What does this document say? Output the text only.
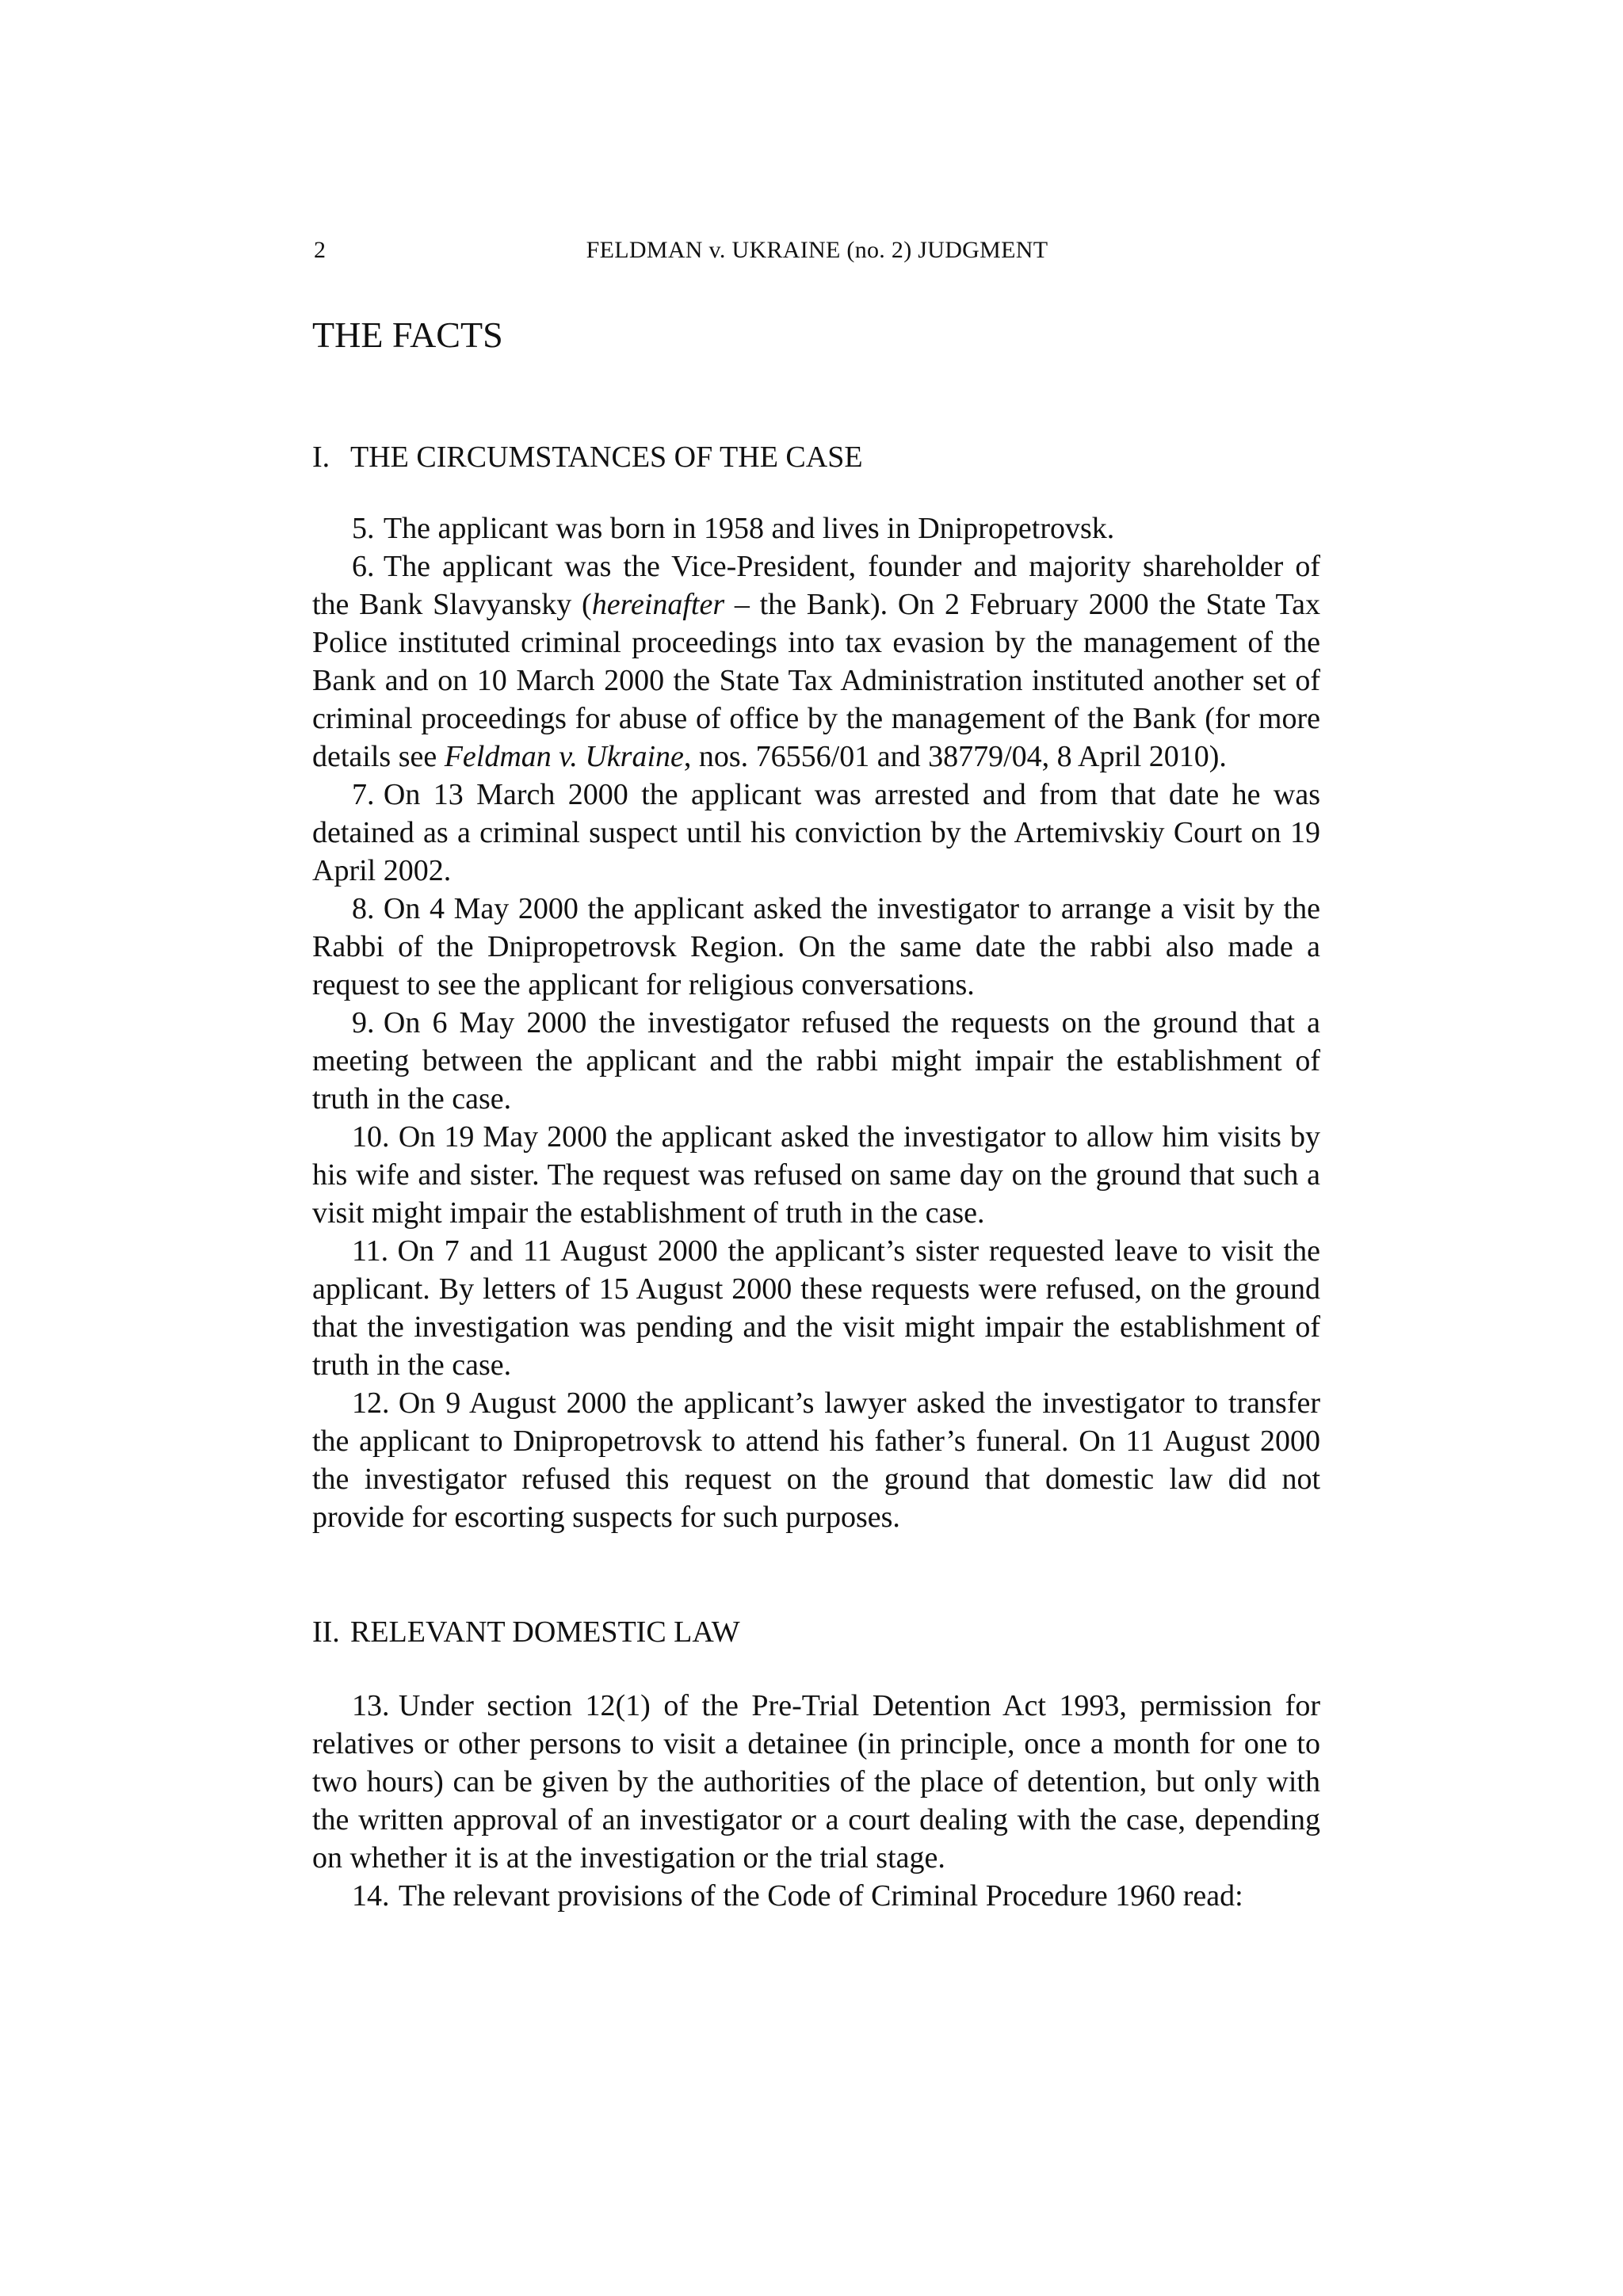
2	FELDMAN v. UKRAINE (no. 2) JUDGMENT
THE FACTS
I. THE CIRCUMSTANCES OF THE CASE

5. The applicant was born in 1958 and lives in Dnipropetrovsk.

6. The applicant was the Vice-President, founder and majority shareholder of the Bank Slavyansky (hereinafter – the Bank). On 2 February 2000 the State Tax Police instituted criminal proceedings into tax evasion by the management of the Bank and on 10 March 2000 the State Tax Administration instituted another set of criminal proceedings for abuse of office by the management of the Bank (for more details see Feldman v. Ukraine, nos. 76556/01 and 38779/04, 8 April 2010).

7. On 13 March 2000 the applicant was arrested and from that date he was detained as a criminal suspect until his conviction by the Artemivskiy Court on 19 April 2002.

8. On 4 May 2000 the applicant asked the investigator to arrange a visit by the Rabbi of the Dnipropetrovsk Region. On the same date the rabbi also made a request to see the applicant for religious conversations.

9. On 6 May 2000 the investigator refused the requests on the ground that a meeting between the applicant and the rabbi might impair the establishment of truth in the case.

10. On 19 May 2000 the applicant asked the investigator to allow him visits by his wife and sister. The request was refused on same day on the ground that such a visit might impair the establishment of truth in the case.

11. On 7 and 11 August 2000 the applicant’s sister requested leave to visit the applicant. By letters of 15 August 2000 these requests were refused, on the ground that the investigation was pending and the visit might impair the establishment of truth in the case.

12. On 9 August 2000 the applicant’s lawyer asked the investigator to transfer the applicant to Dnipropetrovsk to attend his father’s funeral. On 11 August 2000 the investigator refused this request on the ground that domestic law did not provide for escorting suspects for such purposes.

II. RELEVANT DOMESTIC LAW

13. Under section 12(1) of the Pre-Trial Detention Act 1993, permission for relatives or other persons to visit a detainee (in principle, once a month for one to two hours) can be given by the authorities of the place of detention, but only with the written approval of an investigator or a court dealing with the case, depending on whether it is at the investigation or the trial stage.

14. The relevant provisions of the Code of Criminal Procedure 1960 read:
